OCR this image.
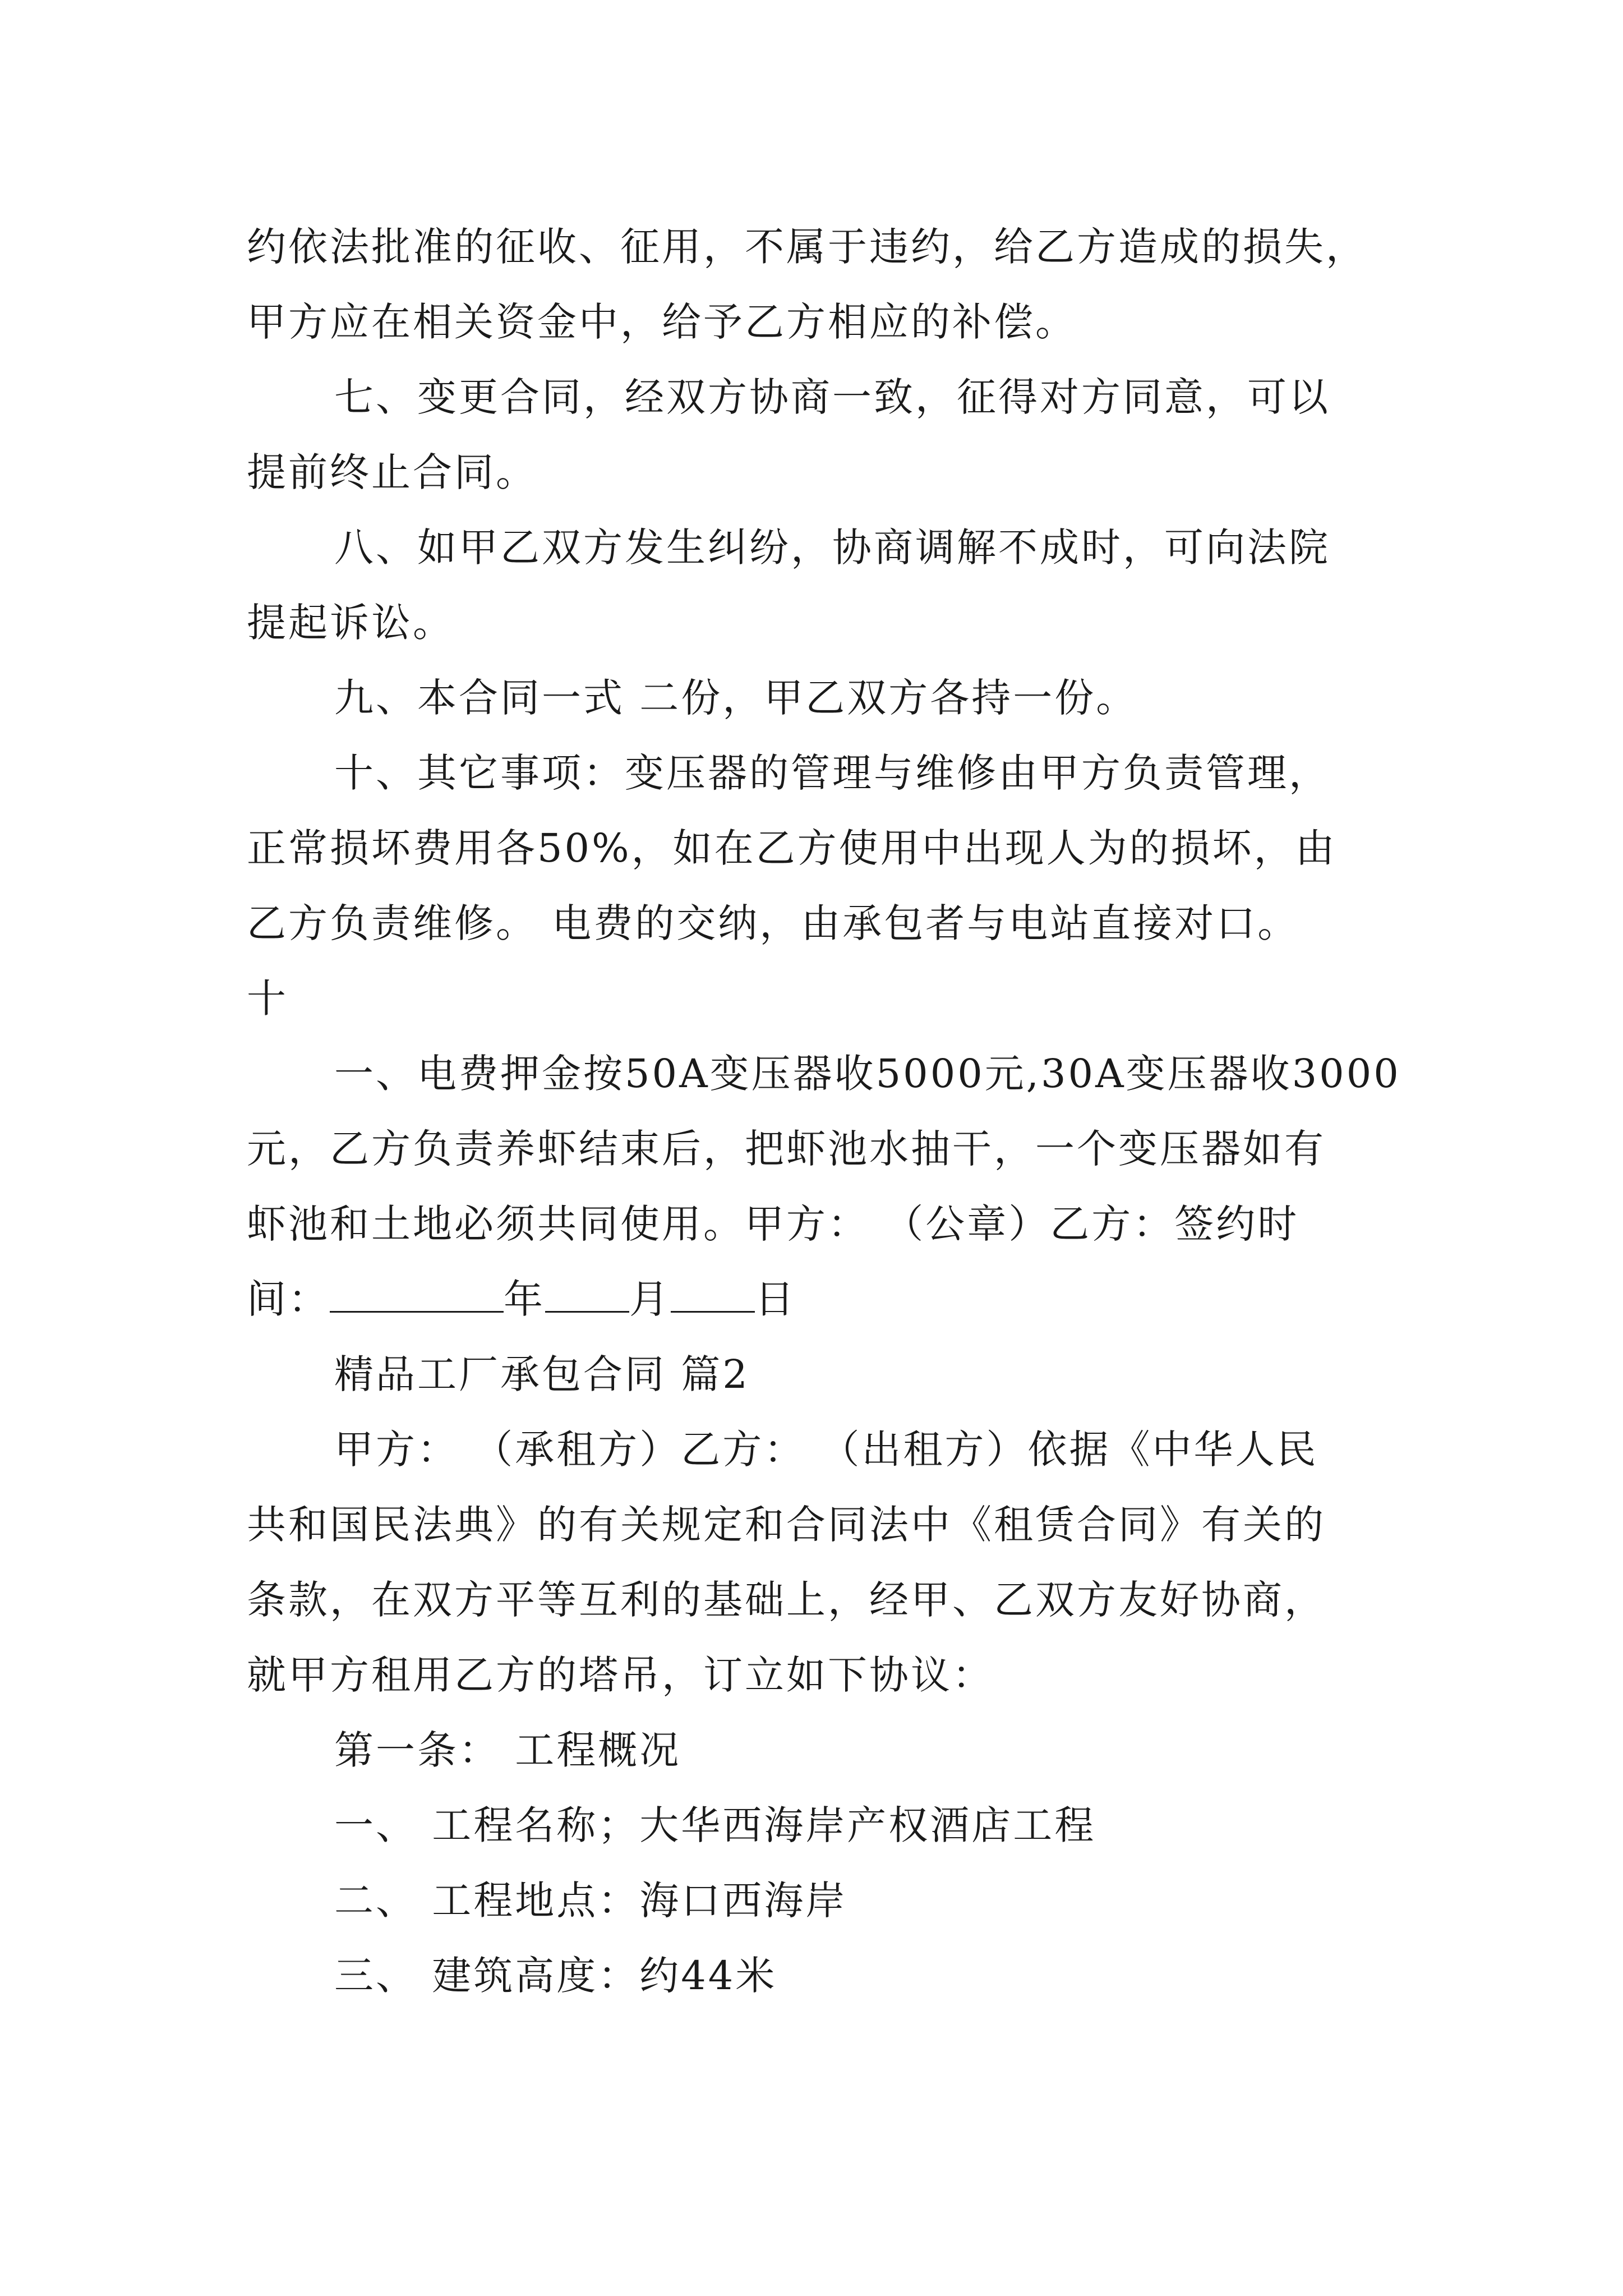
约依法批准的征收、征用，不属于违约，给乙方造成的损失，
甲方应在相关资金中，给予乙方相应的补偿。
七、变更合同，经双方协商一致，征得对方同意，可以
提前终止合同。
八、如甲乙双方发生纠纷，协商调解不成时，可向法院
提起诉讼。
九、本合同一式 二份，甲乙双方各持一份。
十、其它事项：变压器的管理与维修由甲方负责管理，
正常损坏费用各50%，如在乙方使用中出现人为的损坏，由
乙方负责维修。 电费的交纳，由承包者与电站直接对口。
十
一、电费押金按50A变压器收5000元,30A变压器收3000
元，乙方负责养虾结束后，把虾池水抽干，一个变压器如有
虾池和土地必须共同使用。甲方： （公章）乙方：签约时
间：	年 月 日
精品工厂承包合同 篇2
甲方： （承租方）乙方： （出租方）依据《中华人民
共和国民法典》的有关规定和合同法中《租赁合同》有关的
条款，在双方平等互利的基础上，经甲、乙双方友好协商，
就甲方租用乙方的塔吊，订立如下协议：
第一条： 工程概况
一、 工程名称；大华西海岸产权酒店工程
二、 工程地点：海口西海岸
三、 建筑高度：约44米
